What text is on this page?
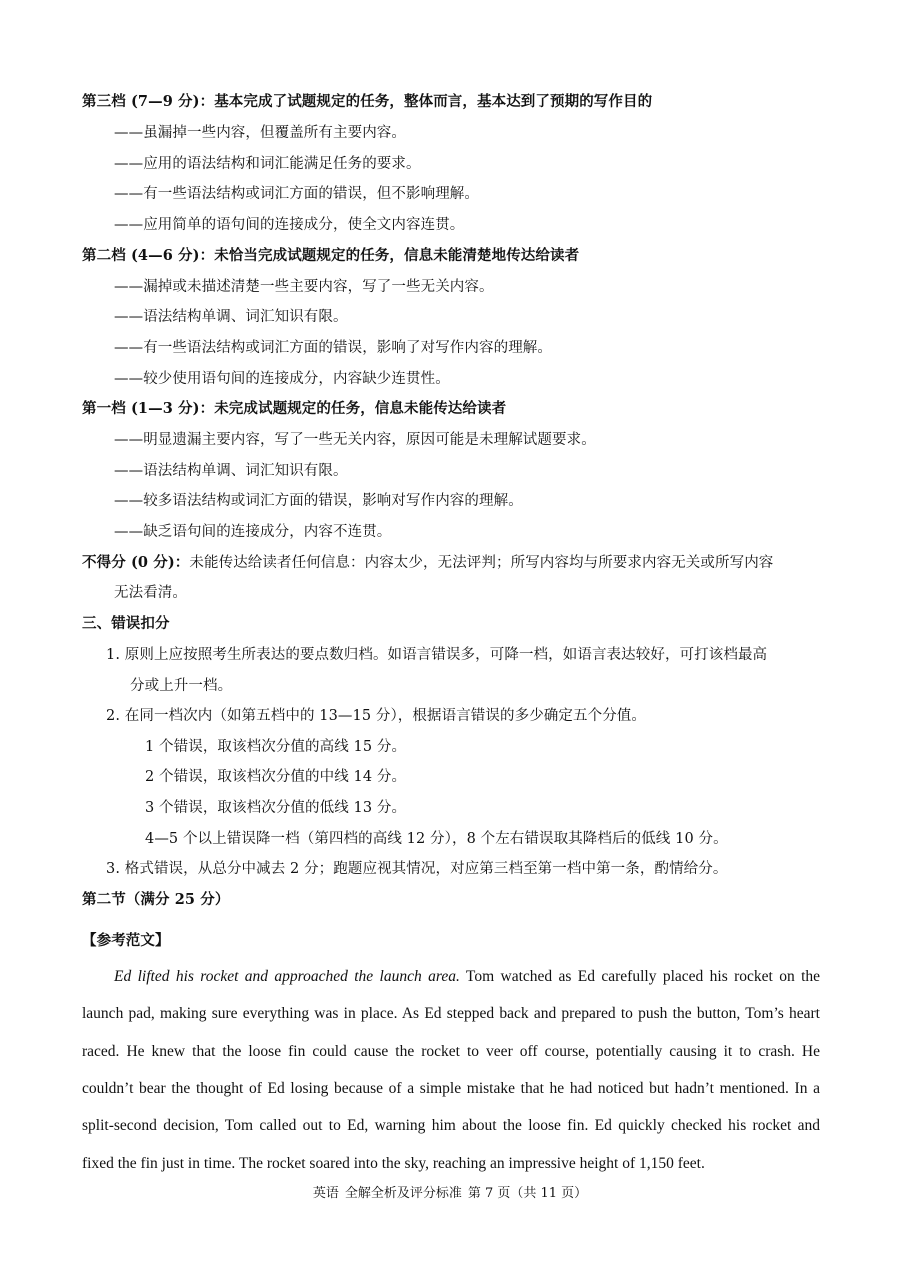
第三档 (7—9 分)：基本完成了试题规定的任务，整体而言，基本达到了预期的写作目的
——虽漏掉一些内容，但覆盖所有主要内容。
——应用的语法结构和词汇能满足任务的要求。
——有一些语法结构或词汇方面的错误，但不影响理解。
——应用简单的语句间的连接成分，使全文内容连贯。
第二档 (4—6 分)：未恰当完成试题规定的任务，信息未能清楚地传达给读者
——漏掉或未描述清楚一些主要内容，写了一些无关内容。
——语法结构单调、词汇知识有限。
——有一些语法结构或词汇方面的错误，影响了对写作内容的理解。
——较少使用语句间的连接成分，内容缺少连贯性。
第一档 (1—3 分)：未完成试题规定的任务，信息未能传达给读者
——明显遗漏主要内容，写了一些无关内容，原因可能是未理解试题要求。
——语法结构单调、词汇知识有限。
——较多语法结构或词汇方面的错误，影响对写作内容的理解。
——缺乏语句间的连接成分，内容不连贯。
不得分 (0 分)：未能传达给读者任何信息：内容太少，无法评判；所写内容均与所要求内容无关或所写内容
无法看清。
三、错误扣分
1. 原则上应按照考生所表达的要点数归档。如语言错误多，可降一档，如语言表达较好，可打该档最高
分或上升一档。
2. 在同一档次内（如第五档中的 13—15 分），根据语言错误的多少确定五个分值。
1 个错误，取该档次分值的高线 15 分。
2 个错误，取该档次分值的中线 14 分。
3 个错误，取该档次分值的低线 13 分。
4—5 个以上错误降一档（第四档的高线 12 分），8 个左右错误取其降档后的低线 10 分。
3. 格式错误，从总分中减去 2 分；跑题应视其情况，对应第三档至第一档中第一条，酌情给分。
第二节（满分 25 分）
【参考范文】
Ed lifted his rocket and approached the launch area. Tom watched as Ed carefully placed his rocket on the
launch pad, making sure everything was in place. As Ed stepped back and prepared to push the button, Tom’s heart
raced. He knew that the loose fin could cause the rocket to veer off course, potentially causing it to crash. He
couldn’t bear the thought of Ed losing because of a simple mistake that he had noticed but hadn’t mentioned. In a
split-second decision, Tom called out to Ed, warning him about the loose fin. Ed quickly checked his rocket and
fixed the fin just in time. The rocket soared into the sky, reaching an impressive height of 1,150 feet.
英语 全解全析及评分标准 第 7 页（共 11 页）
